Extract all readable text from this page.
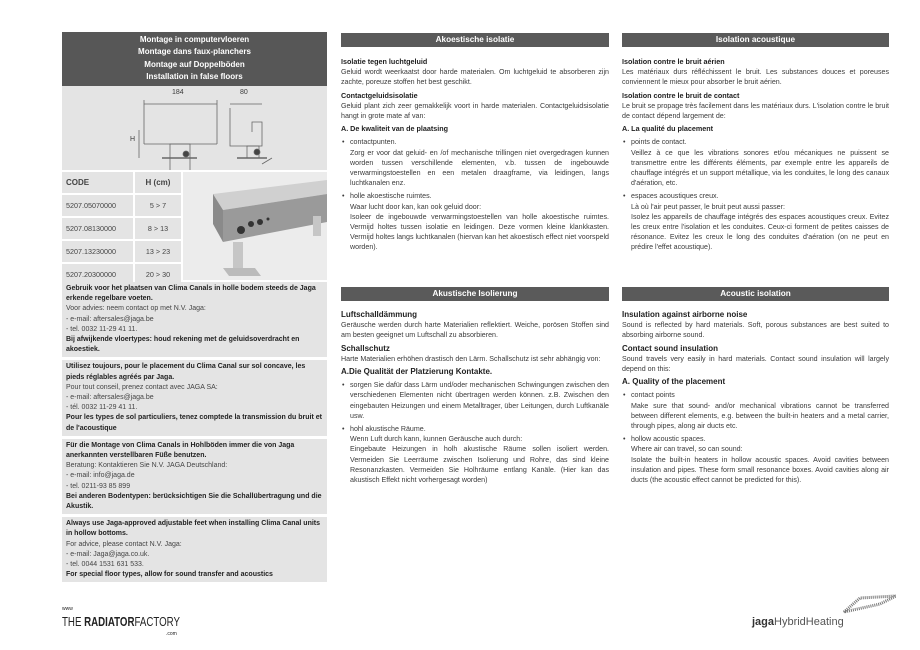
Montage in computervloeren
Montage dans faux-planchers
Montage auf Doppelböden
Installation in false floors
184	80
H
CODE	H (cm)
5207.05070000	5 > 7
5207.08130000	8 > 13
5207.13230000	13 > 23
5207.20300000	20 > 30
Gebruik voor het plaatsen van Clima Canals in holle bodem steeds de Jaga erkende regelbare voeten.
Voor advies: neem contact op met N.V. Jaga:
- e-mail: aftersales@jaga.be
- tel. 0032 11-29 41 11.
Bij afwijkende vloertypes: houd rekening met de geluidsoverdracht en akoestiek.
Utilisez toujours, pour le placement du Clima Canal sur sol concave, les pieds réglables agréés par Jaga.
Pour tout conseil, prenez contact avec JAGA SA:
- e-mail: aftersales@jaga.be
- tél. 0032 11-29 41 11.
Pour les types de sol particuliers, tenez comptede la transmission du bruit et de l'acoustique
Für die Montage von Clima Canals in Hohlböden immer die von Jaga anerkannten verstellbaren Füße benutzen.
Beratung: Kontaktieren Sie N.V. JAGA Deutschland:
- e-mail: info@jaga.de
- tel. 0211-93 85 899
Bei anderen Bodentypen: berücksichtigen Sie die Schallübertragung und die Akustik.
Always use Jaga-approved adjustable feet when installing Clima Canal units in hollow bottoms.
For advice, please contact N.V. Jaga:
- e-mail: Jaga@jaga.co.uk.
- tel. 0044 1531 631 533.
For special floor types, allow for sound transfer and acoustics
Akoestische isolatie
Isolatie tegen luchtgeluid

Geluid wordt weerkaatst door harde materialen. Om luchtgeluid te absorberen zijn zachte, poreuze stoffen het best geschikt.

Contactgeluidsisolatie

Geluid plant zich zeer gemakkelijk voort in harde materialen. Contactgeluidsisolatie hangt in grote mate af van:

A. De kwaliteit van de plaatsing
• contactpunten.
Zorg er voor dat geluid- en /of mechanische trillingen niet overgedragen kunnen worden tussen verschillende elementen, v.b. tussen de ingebouwde verwarmingstoestellen en een metalen draagframe, via leidingen, langs luchtkanalen enz.
• holle akoestische ruimtes.
Waar lucht door kan, kan ook geluid door:
Isoleer de ingebouwde verwarmingstoestellen van holle akoestische ruimtes. Vermijd holtes tussen isolatie en leidingen. Deze vormen kleine klankkasten. Vermijd holtes langs luchtkanalen (hiervan kan het akoestisch effect niet voorspeld worden).
Akustische Isolierung
Luftschalldämmung

Geräusche werden durch harte Materialien reflektiert. Weiche, porösen Stoffen sind am besten geeignet um Luftschall zu absorbieren.

Schallschutz

Harte Materialien erhöhen drastisch den Lärm. Schallschutz ist sehr abhängig von:

A.Die Qualität der Platzierung Kontakte.
• sorgen Sie dafür dass Lärm und/oder mechanischen Schwingungen zwischen den verschiedenen Elementen nicht übertragen werden können. z.B. Zwischen den eingebauten Heizungen und einem Metalltrager, über Leitungen, durch Luftkanäle usw.
• hohl akustische Räume.
Wenn Luft durch kann, kunnen Geräusche auch durch:
Eingebaute Heizungen in holh akustische Räume sollen isoliert werden. Vermeiden Sie Leerräume zwischen Isolierung und Rohre, das sind kleine Resonanzkasten. Vermeiden Sie Holhräume entlang Kanäle. (Hier kan das akustisch Effekt nicht vorhergesagt worden)
Isolation acoustique
Isolation contre le bruit aérien

Les matériaux durs réfléchissent le bruit. Les substances douces et poreuses conviennent le mieux pour absorber le bruit aérien.

Isolation contre le bruit de contact

Le bruit se propage très facilement dans les matériaux durs. L'isolation contre le bruit de contact dépend largement de:

A. La qualité du placement
• points de contact.
Veillez à ce que les vibrations sonores et/ou mécaniques ne puissent se transmettre entre les différents éléments, par exemple entre les appareils de chauffage intégrés et un support métallique, via les conduites, le long des canaux d'aération, etc.
• espaces acoustiques creux.
Là où l'air peut passer, le bruit peut aussi passer:
Isolez les appareils de chauffage intégrés des espaces acoustiques creux. Evitez les creux entre l'isolation et les conduites. Ceux-ci forment de petites caisses de résonance. Evitez les creux le long des conduites d'aération (on ne peut en prédire l'effet acoustique).
Acoustic isolation
Insulation against airborne noise

Sound is reflected by hard materials. Soft, porous substances are best suited to absorbing airborne sound.

Contact sound insulation

Sound travels very easily in hard materials. Contact sound insulation will largely depend on this:

A. Quality of the placement
• contact points
Make sure that sound- and/or mechanical vibrations cannot be transferred between different elements, e.g. between the built-in heaters and a metal carrier, through pipes, along air ducts etc.
• hollow acoustic spaces.
Where air can travel, so can sound:
Isolate the built-in heaters in hollow acoustic spaces. Avoid cavities between insulation and pipes. These form small resonance boxes. Avoid cavities along air ducts (the acoustic effect cannot be predicted for this).
www
THE RADIATORFACTORY
.com
jagaHybridHeating
